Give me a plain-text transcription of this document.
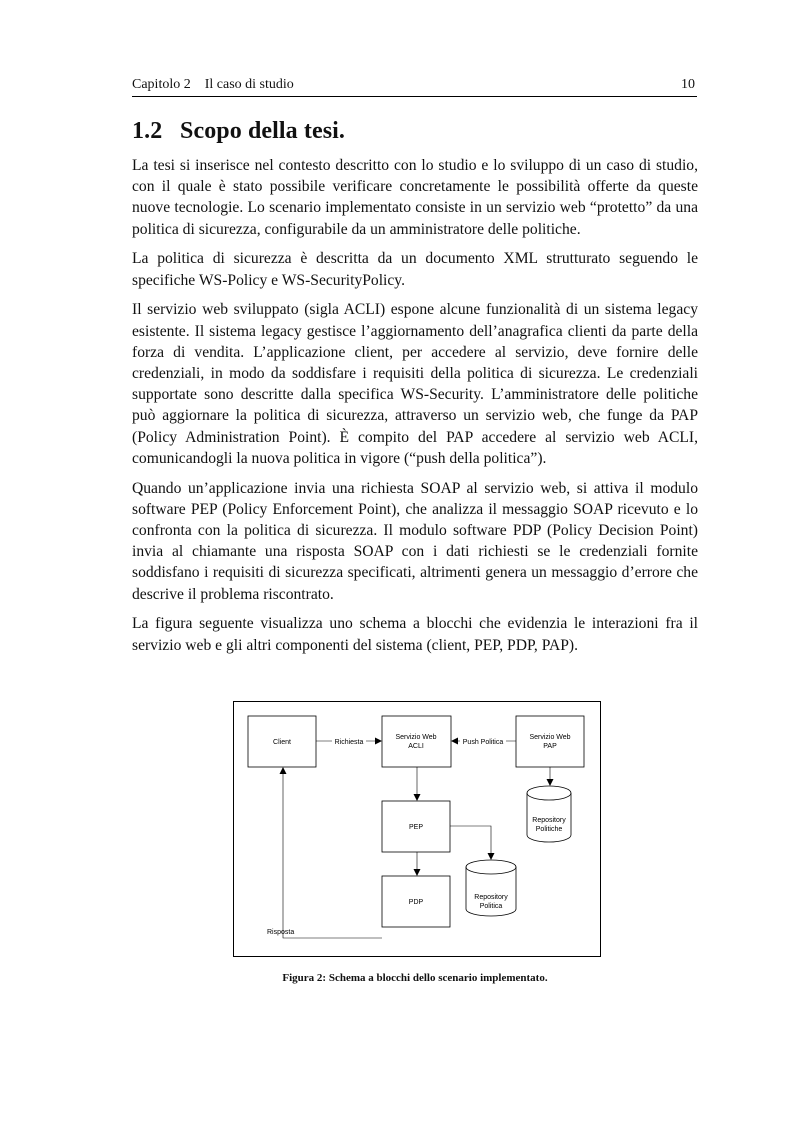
Capitolo 2 Il caso di studio	10
1.2 Scopo della tesi.

La tesi si inserisce nel contesto descritto con lo studio e lo sviluppo di un caso di studio, con il quale è stato possibile verificare concretamente le possibilità offerte da queste nuove tecnologie. Lo scenario implementato consiste in un servizio web “protetto” da una politica di sicurezza, configurabile da un amministratore delle politiche.

La politica di sicurezza è descritta da un documento XML strutturato seguendo le specifiche WS-Policy e WS-SecurityPolicy.

Il servizio web sviluppato (sigla ACLI) espone alcune funzionalità di un sistema legacy esistente. Il sistema legacy gestisce l’aggiornamento dell’anagrafica clienti da parte della forza di vendita. L’applicazione client, per accedere al servizio, deve fornire delle credenziali, in modo da soddisfare i requisiti della politica di sicurezza. Le credenziali supportate sono descritte dalla specifica WS-Security. L’amministratore delle politiche può aggiornare la politica di sicurezza, attraverso un servizio web, che funge da PAP (Policy Administration Point). È compito del PAP accedere al servizio web ACLI, comunicandogli la nuova politica in vigore (“push della politica”).

Quando un’applicazione invia una richiesta SOAP al servizio web, si attiva il modulo software PEP (Policy Enforcement Point), che analizza il messaggio SOAP ricevuto e lo confronta con la politica di sicurezza. Il modulo software PDP (Policy Decision Point) invia al chiamante una risposta SOAP con i dati richiesti se le credenziali fornite soddisfano i requisiti di sicurezza specificati, altrimenti genera un messaggio d’errore che descrive il problema riscontrato.

La figura seguente visualizza uno schema a blocchi che evidenzia le interazioni fra il servizio web e gli altri componenti del sistema (client, PEP, PDP, PAP).

Client	Richiesta
Servizio Web
ACLI
Push Politica
Servizio Web
PAP
PEP
PDP
Repository
Politiche
Repository
Politica
Risposta
Figura 2: Schema a blocchi dello scenario implementato.
